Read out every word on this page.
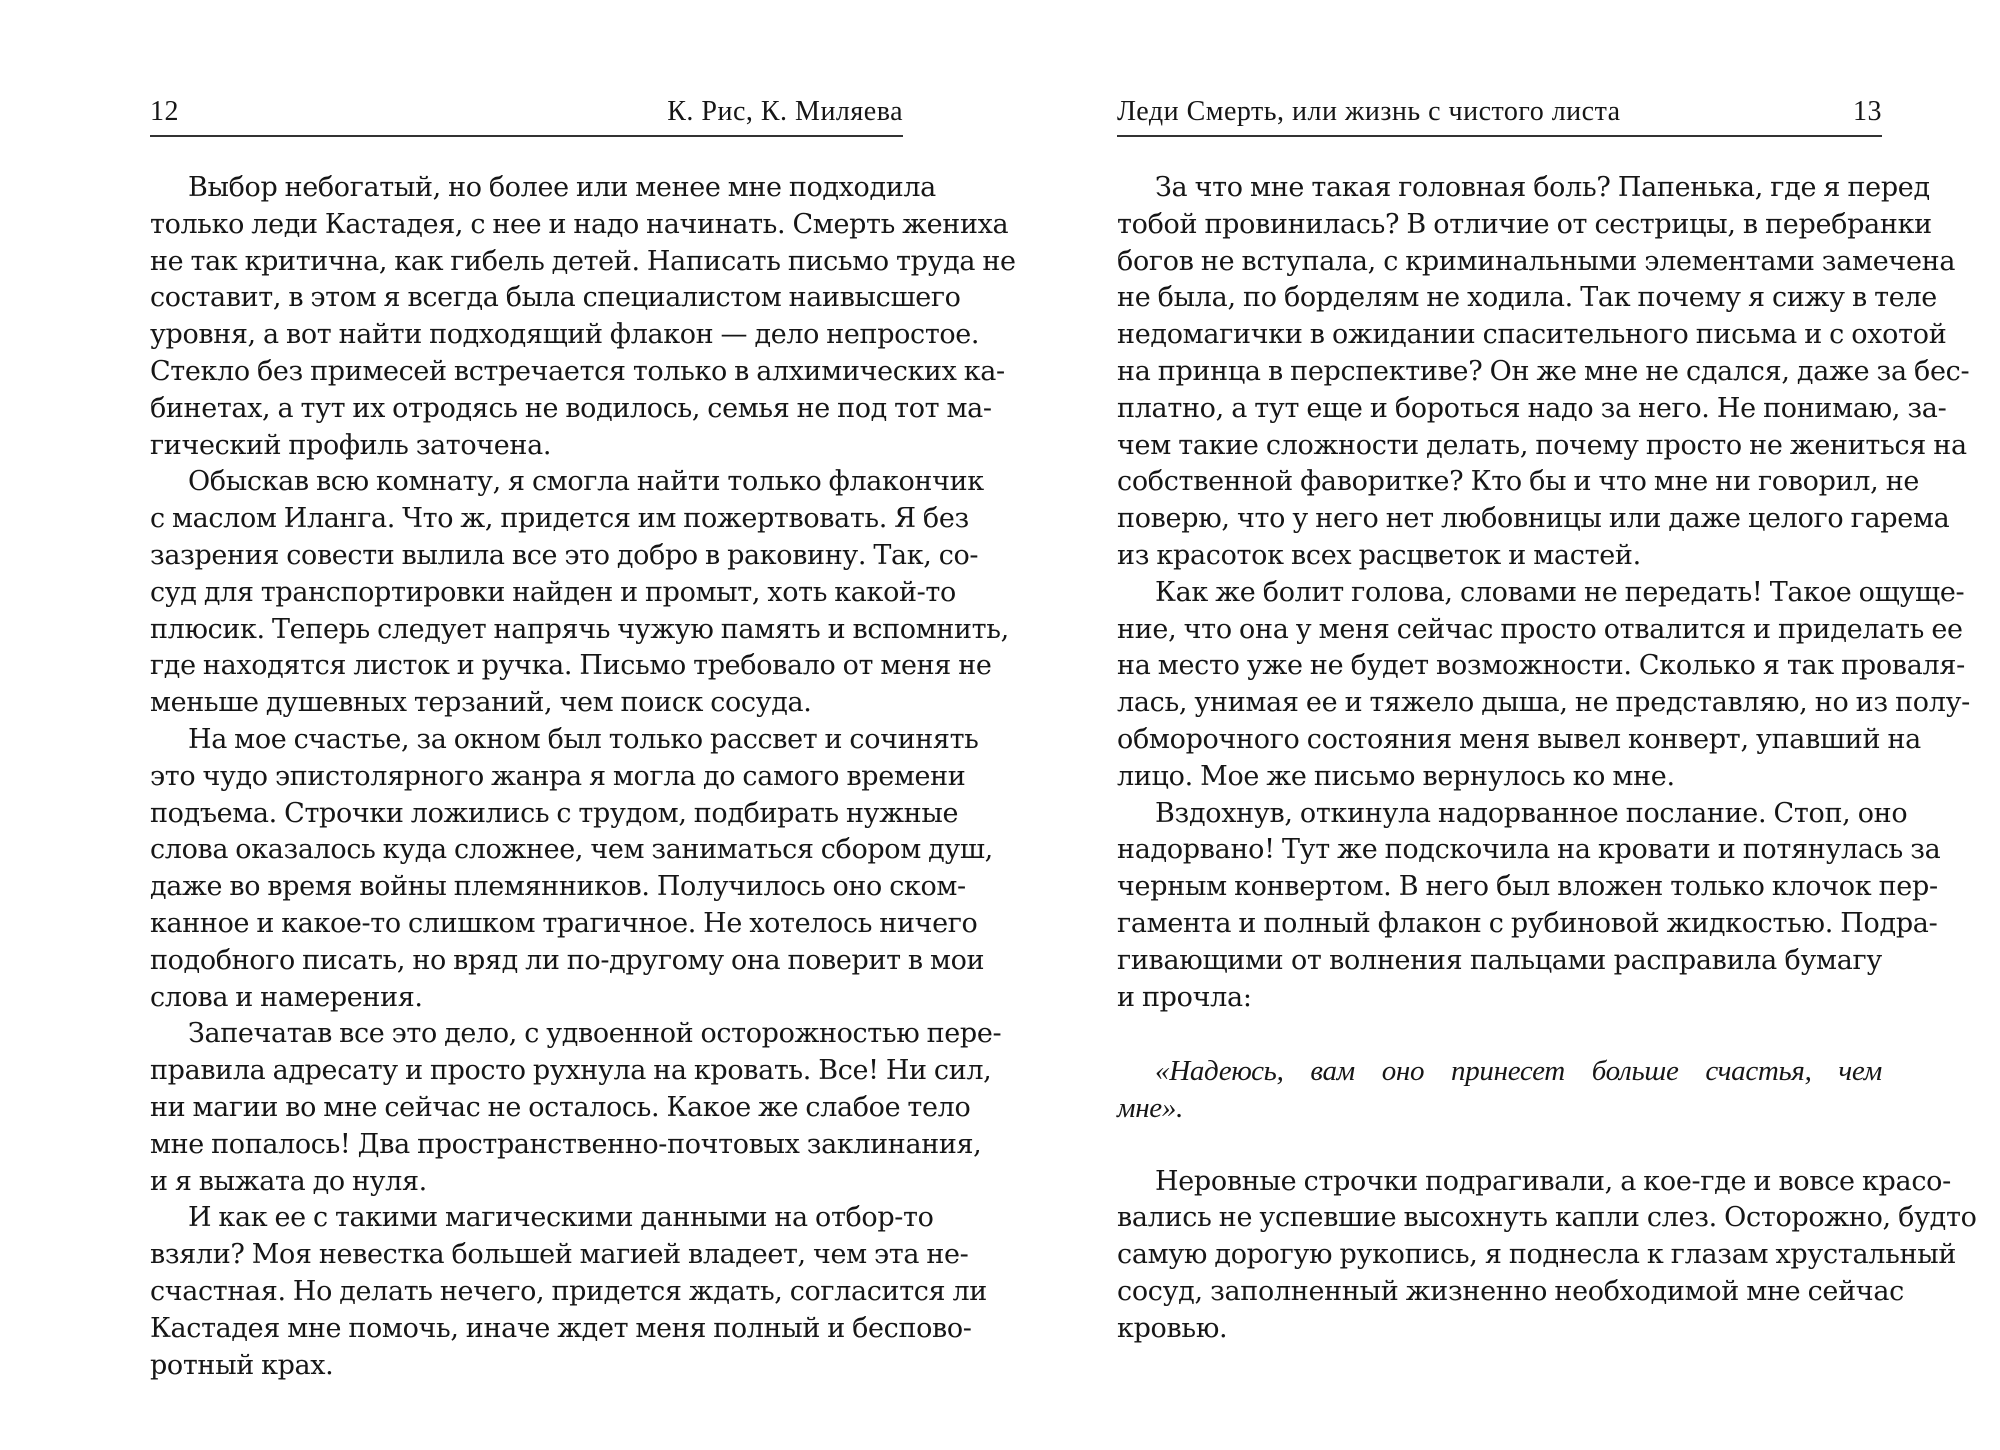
12	К. Рис, К. Миляева
Выбор небогатый, но более или менее мне подходила
только леди Кастадея, с нее и надо начинать. Смерть жениха
не так критична, как гибель детей. Написать письмо труда не
составит, в этом я всегда была специалистом наивысшего
уровня, а вот найти подходящий флакон — дело непростое.
Стекло без примесей встречается только в алхимических ка-
бинетах, а тут их отродясь не водилось, семья не под тот ма-
гический профиль заточена.
Обыскав всю комнату, я смогла найти только флакончик
с маслом Иланга. Что ж, придется им пожертвовать. Я без
зазрения совести вылила все это добро в раковину. Так, со-
суд для транспортировки найден и промыт, хоть какой-то
плюсик. Теперь следует напрячь чужую память и вспомнить,
где находятся листок и ручка. Письмо требовало от меня не
меньше душевных терзаний, чем поиск сосуда.
На мое счастье, за окном был только рассвет и сочинять
это чудо эпистолярного жанра я могла до самого времени
подъема. Строчки ложились с трудом, подбирать нужные
слова оказалось куда сложнее, чем заниматься сбором душ,
даже во время войны племянников. Получилось оно ском-
канное и какое-то слишком трагичное. Не хотелось ничего
подобного писать, но вряд ли по-другому она поверит в мои
слова и намерения.
Запечатав все это дело, с удвоенной осторожностью пере-
правила адресату и просто рухнула на кровать. Все! Ни сил,
ни магии во мне сейчас не осталось. Какое же слабое тело
мне попалось! Два пространственно-почтовых заклинания,
и я выжата до нуля.
И как ее с такими магическими данными на отбор-то
взяли? Моя невестка большей магией владеет, чем эта не-
счастная. Но делать нечего, придется ждать, согласится ли
Кастадея мне помочь, иначе ждет меня полный и беспово-
ротный крах.
Леди Смерть, или жизнь с чистого листа	13
За что мне такая головная боль? Папенька, где я перед
тобой провинилась? В отличие от сестрицы, в перебранки
богов не вступала, с криминальными элементами замечена
не была, по борделям не ходила. Так почему я сижу в теле
недомагички в ожидании спасительного письма и с охотой
на принца в перспективе? Он же мне не сдался, даже за бес-
платно, а тут еще и бороться надо за него. Не понимаю, за-
чем такие сложности делать, почему просто не жениться на
собственной фаворитке? Кто бы и что мне ни говорил, не
поверю, что у него нет любовницы или даже целого гарема
из красоток всех расцветок и мастей.
Как же болит голова, словами не передать! Такое ощуще-
ние, что она у меня сейчас просто отвалится и приделать ее
на место уже не будет возможности. Сколько я так проваля-
лась, унимая ее и тяжело дыша, не представляю, но из полу-
обморочного состояния меня вывел конверт, упавший на
лицо. Мое же письмо вернулось ко мне.
Вздохнув, откинула надорванное послание. Стоп, оно
надорвано! Тут же подскочила на кровати и потянулась за
черным конвертом. В него был вложен только клочок пер-
гамента и полный флакон с рубиновой жидкостью. Подра-
гивающими от волнения пальцами расправила бумагу
и прочла:
«Надеюсь, вам оно принесет больше счастья, чем
мне».
Неровные строчки подрагивали, а кое-где и вовсе красо-
вались не успевшие высохнуть капли слез. Осторожно, будто
самую дорогую рукопись, я поднесла к глазам хрустальный
сосуд, заполненный жизненно необходимой мне сейчас
кровью.
